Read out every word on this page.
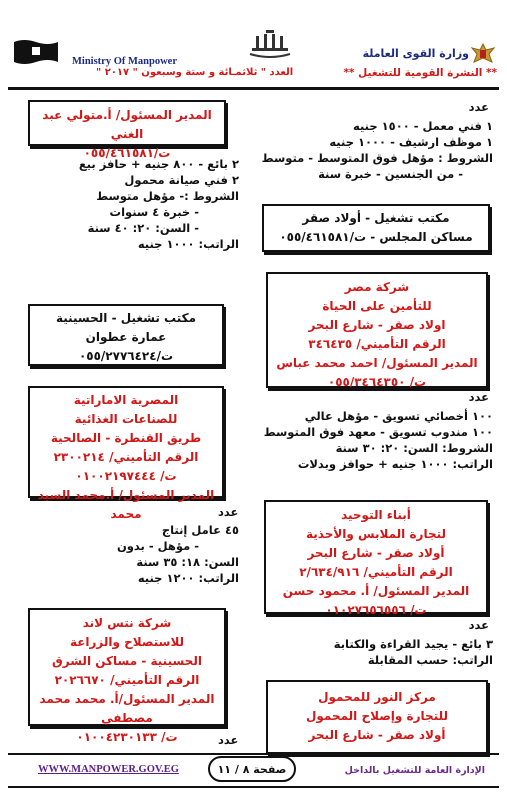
Ministry Of Manpower
وزارة القوى العاملة
** النشرة القومية للتشغيل **
العدد " ثلاثمـائة و ستة وسبعون " ٢٠١٧ "
المدير المسئول/ أ.متولي عبد الغني
ت/٠٥٥/٤٦١٥٨١
٢ بائع - ٨٠٠ جنيه + حافز بيع
٢ فني صيانة محمول
الشروط :- مؤهل متوسط
- خبرة ٤ سنوات
- السن: ٢٠: ٤٠ سنة
الراتب: ١٠٠٠ جنيه
مكتب تشغيل - الحسينية
عمارة عطوان
ت/٠٥٥/٢٧٧٦٤٢٤
المصرية الاماراتية
للصناعات الغذائية
طريق القنطرة - الصالحية
الرقم التأميني/ ٢٣٠٠٢١٤
ت/ ٠١٠٠٢١٩٧٤٤٤
المدير المسئول/ أ.محمد السيد محمد	عدد
٤٥ عامل إنتاج
- مؤهل - بدون
السن: ١٨: ٣٥ سنة
الراتب: ١٢٠٠ جنيه
شركة نتس لاند
للاستصلاح والزراعة
الحسينية - مساكن الشرق
الرقم التأميني/ ٢٠٢٦٦٧٠
المدير المسئول/أ. محمد محمد مصطفي
ت/ ٠١٠٠٤٢٣٠١٣٣	عدد
عدد
١ فني معمل - ١٥٠٠ جنيه
١ موظف ارشيف - ١٠٠٠ جنيه
الشروط : مؤهل فوق المتوسط - متوسط
- من الجنسين - خبرة سنة
مكتب تشغيل - أولاد صقر
مساكن المجلس - ت/٠٥٥/٤٦١٥٨١
شركة مصر
للتأمين على الحياة
اولاد صقر - شارع البحر
الرقم التأميني/ ٣٤٦٤٣٥
المدير المسئول/ احمد محمد عباس
ت/ ٠٥٥/٣٤٦٤٣٥٠
عدد
١٠٠ أخصائي تسويق - مؤهل عالي
١٠٠ مندوب تسويق - معهد فوق المتوسط
الشروط: السن: ٢٠: ٣٠ سنة
الراتب: ١٠٠٠ جنيه + حوافز وبدلات
أبناء التوحيد
لتجارة الملابس والأحذية
أولاد صقر - شارع البحر
الرقم التأميني/ ٢/٦٣٤/٩١٦
المدير المسئول/ أ. محمود حسن
ت/ ٠١٠٢٧٦٥٦٥٥٦
عدد
٣ بائع - يجيد القراءة والكتابة
الراتب: حسب المقابلة
مركز النور للمحمول
للتجارة وإصلاح المحمول
أولاد صقر - شارع البحر
WWW.MANPOWER.GOV.EG	صفحة ٨ / ١١	الإدارة العامة للتشغيل بالداخل
